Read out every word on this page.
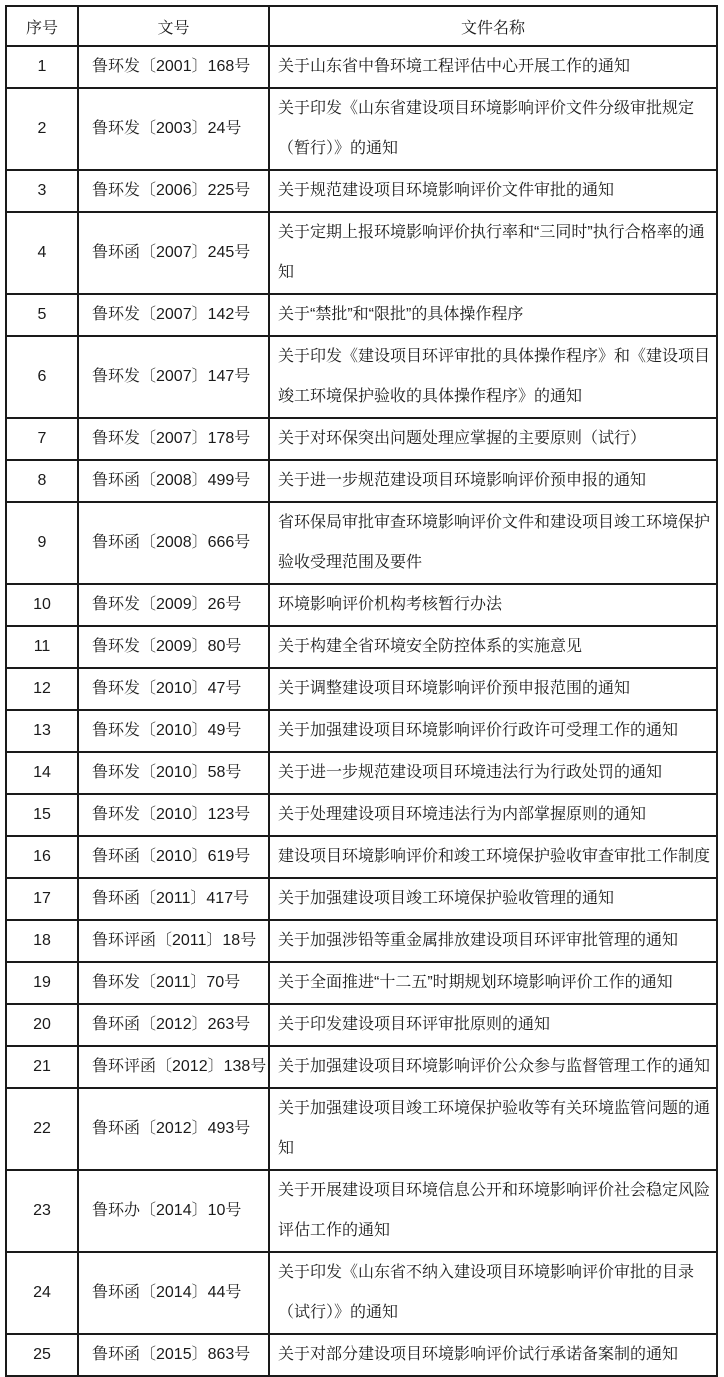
序号	文号	文件名称
1	鲁环发〔2001〕168号	关于山东省中鲁环境工程评估中心开展工作的通知
2	鲁环发〔2003〕24号	关于印发《山东省建设项目环境影响评价文件分级审批规定（暂行）》的通知
3	鲁环发〔2006〕225号	关于规范建设项目环境影响评价文件审批的通知
4	鲁环函〔2007〕245号	关于定期上报环境影响评价执行率和“三同时”执行合格率的通知
5	鲁环发〔2007〕142号	关于“禁批”和“限批”的具体操作程序
6	鲁环发〔2007〕147号	关于印发《建设项目环评审批的具体操作程序》和《建设项目竣工环境保护验收的具体操作程序》的通知
7	鲁环发〔2007〕178号	关于对环保突出问题处理应掌握的主要原则（试行）
8	鲁环函〔2008〕499号	关于进一步规范建设项目环境影响评价预申报的通知
9	鲁环函〔2008〕666号	省环保局审批审查环境影响评价文件和建设项目竣工环境保护验收受理范围及要件
10	鲁环发〔2009〕26号	环境影响评价机构考核暂行办法
11	鲁环发〔2009〕80号	关于构建全省环境安全防控体系的实施意见
12	鲁环发〔2010〕47号	关于调整建设项目环境影响评价预申报范围的通知
13	鲁环发〔2010〕49号	关于加强建设项目环境影响评价行政许可受理工作的通知
14	鲁环发〔2010〕58号	关于进一步规范建设项目环境违法行为行政处罚的通知
15	鲁环发〔2010〕123号	关于处理建设项目环境违法行为内部掌握原则的通知
16	鲁环函〔2010〕619号	建设项目环境影响评价和竣工环境保护验收审查审批工作制度
17	鲁环函〔2011〕417号	关于加强建设项目竣工环境保护验收管理的通知
18	鲁环评函〔2011〕18号	关于加强涉铅等重金属排放建设项目环评审批管理的通知
19	鲁环发〔2011〕70号	关于全面推进“十二五”时期规划环境影响评价工作的通知
20	鲁环函〔2012〕263号	关于印发建设项目环评审批原则的通知
21	鲁环评函〔2012〕138号	关于加强建设项目环境影响评价公众参与监督管理工作的通知
22	鲁环函〔2012〕493号	关于加强建设项目竣工环境保护验收等有关环境监管问题的通知
23	鲁环办〔2014〕10号	关于开展建设项目环境信息公开和环境影响评价社会稳定风险评估工作的通知
24	鲁环函〔2014〕44号	关于印发《山东省不纳入建设项目环境影响评价审批的目录（试行）》的通知
25	鲁环函〔2015〕863号	关于对部分建设项目环境影响评价试行承诺备案制的通知
